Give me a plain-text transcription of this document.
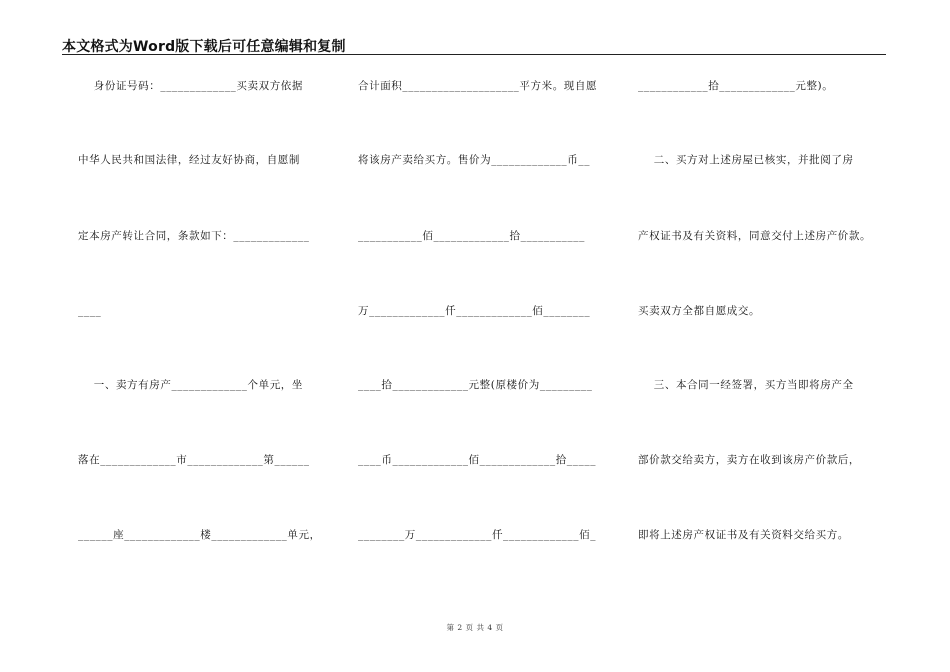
本文格式为Word版下载后可任意编辑和复制
身份证号码：_____________买卖双方依据
中华人民共和国法律，经过友好协商，自愿制
定本房产转让合同，条款如下：_____________
____
一、卖方有房产_____________个单元，坐
落在_____________市_____________第______
______座_____________楼_____________单元，
合计面积____________________平方米。现自愿
将该房产卖给买方。售价为_____________币__
___________佰_____________拾___________
万_____________仟_____________佰________
____拾_____________元整(原楼价为_________
____币_____________佰_____________拾_____
________万_____________仟_____________佰_
____________拾_____________元整)。
二、买方对上述房屋已核实，并批阅了房
产权证书及有关资料，同意交付上述房产价款。
买卖双方全都自愿成交。
三、本合同一经签署，买方当即将房产全
部价款交给卖方，卖方在收到该房产价款后，
即将上述房产权证书及有关资料交给买方。
第 2 页 共 4 页
